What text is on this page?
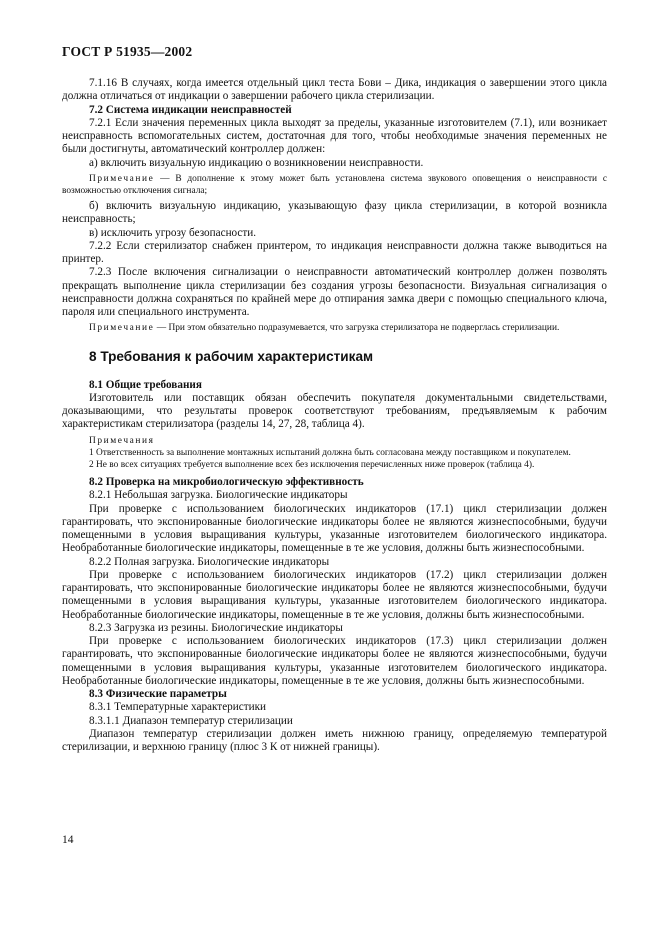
ГОСТ Р 51935—2002

7.1.16 В случаях, когда имеется отдельный цикл теста Бови – Дика, индикация о завершении этого цикла должна отличаться от индикации о завершении рабочего цикла стерилизации.

7.2 Система индикации неисправностей

7.2.1 Если значения переменных цикла выходят за пределы, указанные изготовителем (7.1), или возникает неисправность вспомогательных систем, достаточная для того, чтобы необходимые значения переменных не были достигнуты, автоматический контроллер должен:

а) включить визуальную индикацию о возникновении неисправности.

Примечание — В дополнение к этому может быть установлена система звукового оповещения о неисправности с возможностью отключения сигнала;

б) включить визуальную индикацию, указывающую фазу цикла стерилизации, в которой возникла неисправность;

в) исключить угрозу безопасности.

7.2.2 Если стерилизатор снабжен принтером, то индикация неисправности должна также выводиться на принтер.

7.2.3 После включения сигнализации о неисправности автоматический контроллер должен позволять прекращать выполнение цикла стерилизации без создания угрозы безопасности. Визуальная сигнализация о неисправности должна сохраняться по крайней мере до отпирания замка двери с помощью специального ключа, пароля или специального инструмента.

Примечание — При этом обязательно подразумевается, что загрузка стерилизатора не подверглась стерилизации.

8 Требования к рабочим характеристикам

8.1 Общие требования

Изготовитель или поставщик обязан обеспечить покупателя документальными свидетельствами, доказывающими, что результаты проверок соответствуют требованиям, предъявляемым к рабочим характеристикам стерилизатора (разделы 14, 27, 28, таблица 4).

Примечания

1 Ответственность за выполнение монтажных испытаний должна быть согласована между поставщиком и покупателем.

2 Не во всех ситуациях требуется выполнение всех без исключения перечисленных ниже проверок (таблица 4).

8.2 Проверка на микробиологическую эффективность

8.2.1 Небольшая загрузка. Биологические индикаторы

При проверке с использованием биологических индикаторов (17.1) цикл стерилизации должен гарантировать, что экспонированные биологические индикаторы более не являются жизнеспособными, будучи помещенными в условия выращивания культуры, указанные изготовителем биологического индикатора. Необработанные биологические индикаторы, помещенные в те же условия, должны быть жизнеспособными.

8.2.2 Полная загрузка. Биологические индикаторы

При проверке с использованием биологических индикаторов (17.2) цикл стерилизации должен гарантировать, что экспонированные биологические индикаторы более не являются жизнеспособными, будучи помещенными в условия выращивания культуры, указанные изготовителем биологического индикатора. Необработанные биологические индикаторы, помещенные в те же условия, должны быть жизнеспособными.

8.2.3 Загрузка из резины. Биологические индикаторы

При проверке с использованием биологических индикаторов (17.3) цикл стерилизации должен гарантировать, что экспонированные биологические индикаторы более не являются жизнеспособными, будучи помещенными в условия выращивания культуры, указанные изготовителем биологического индикатора. Необработанные биологические индикаторы, помещенные в те же условия, должны быть жизнеспособными.

8.3 Физические параметры

8.3.1 Температурные характеристики

8.3.1.1 Диапазон температур стерилизации

Диапазон температур стерилизации должен иметь нижнюю границу, определяемую температурой стерилизации, и верхнюю границу (плюс 3 К от нижней границы).

14
